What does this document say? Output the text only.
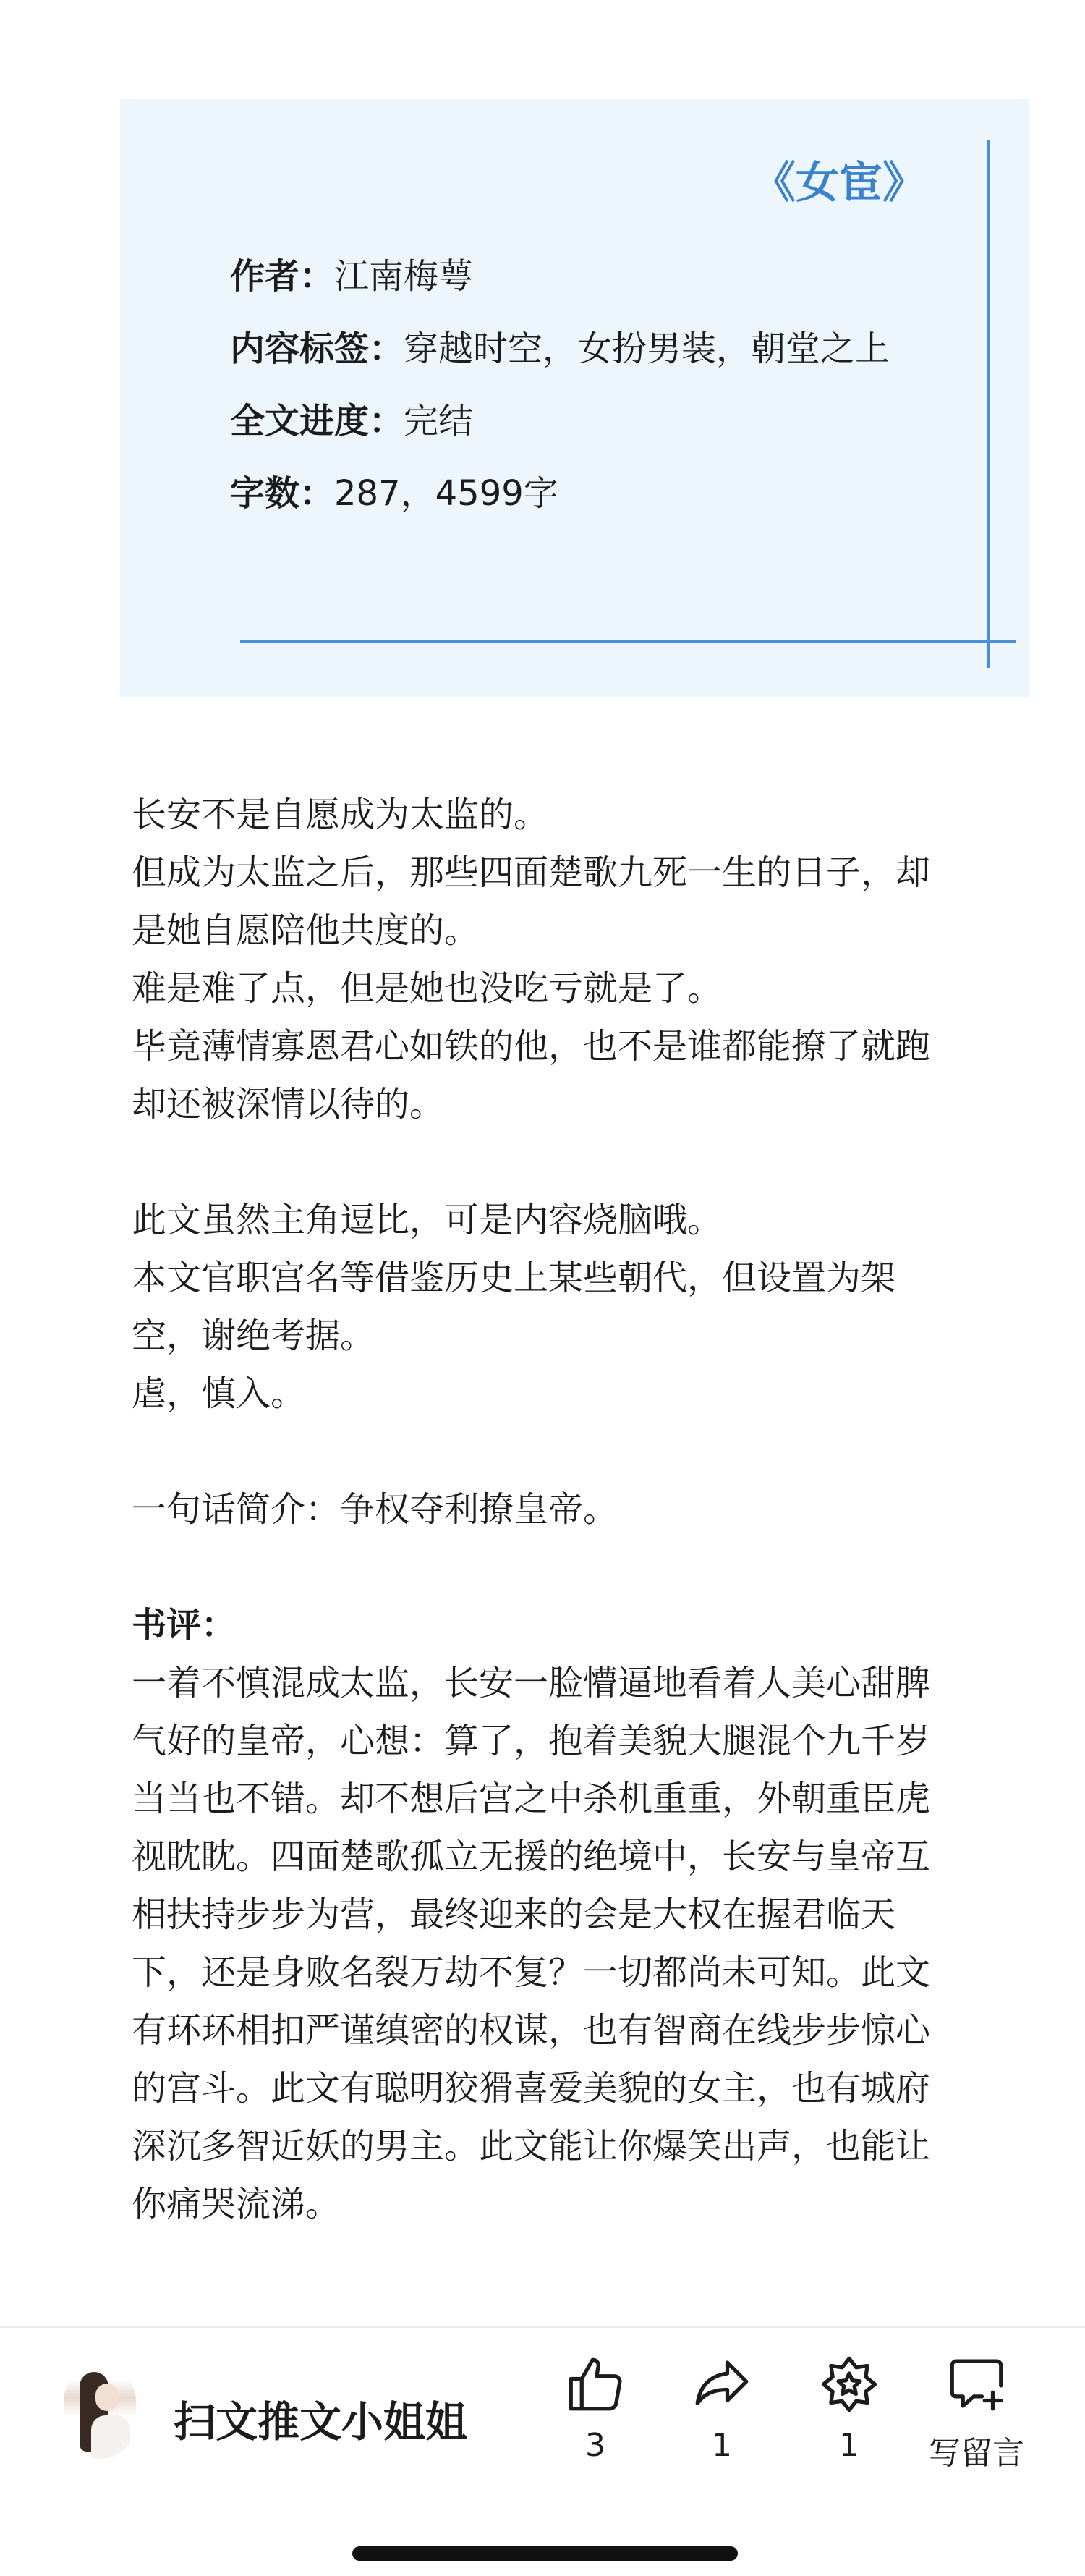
《女宦》
作者：江南梅萼
内容标签：穿越时空，女扮男装，朝堂之上
全文进度：完结
字数：287，4599字

长安不是自愿成为太监的。

但成为太监之后，那些四面楚歌九死一生的日子，却是她自愿陪他共度的。

难是难了点，但是她也没吃亏就是了。

毕竟薄情寡恩君心如铁的他，也不是谁都能撩了就跑却还被深情以待的。

此文虽然主角逗比，可是内容烧脑哦。

本文官职宫名等借鉴历史上某些朝代，但设置为架空，谢绝考据。

虐，慎入。

一句话简介：争权夺利撩皇帝。

书评：

一着不慎混成太监，长安一脸懵逼地看着人美心甜脾气好的皇帝，心想：算了，抱着美貌大腿混个九千岁当当也不错。却不想后宫之中杀机重重，外朝重臣虎视眈眈。四面楚歌孤立无援的绝境中，长安与皇帝互相扶持步步为营，最终迎来的会是大权在握君临天下，还是身败名裂万劫不复？一切都尚未可知。此文有环环相扣严谨缜密的权谋，也有智商在线步步惊心的宫斗。此文有聪明狡猾喜爱美貌的女主，也有城府深沉多智近妖的男主。此文能让你爆笑出声，也能让你痛哭流涕。

扫文推文小姐姐	3	1	1	写留言
